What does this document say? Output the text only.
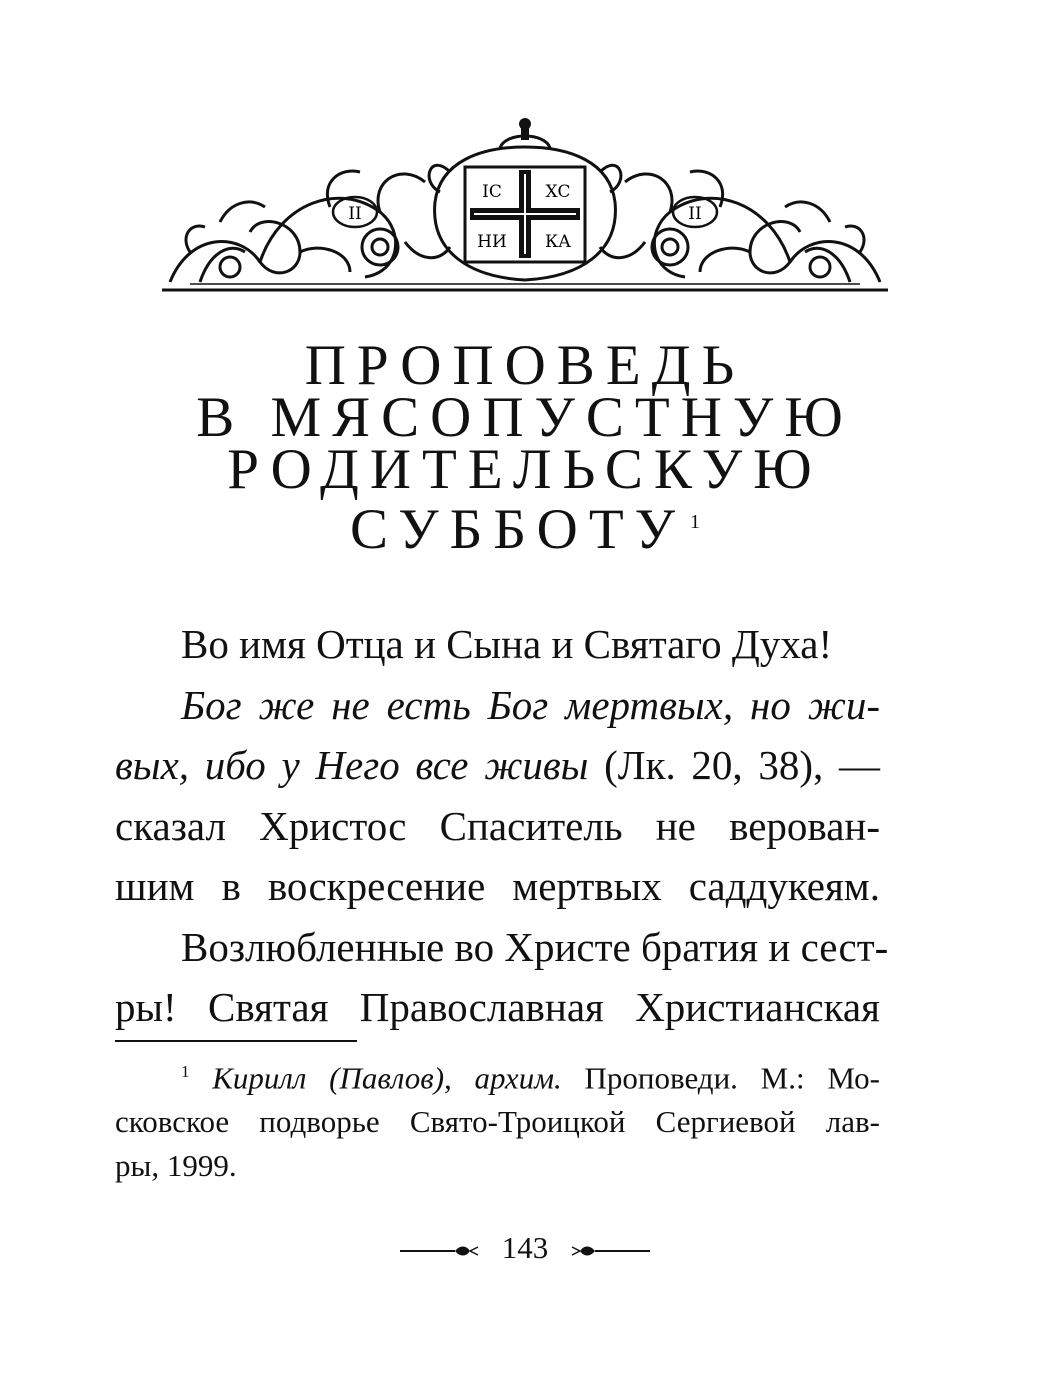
ІІ	ІІ
ІС	ХС
НИ КА
ПРОПОВЕДЬ
В МЯСОПУСТНУЮ
РОДИТЕЛЬСКУЮ
СУББОТУ $^1$
Во имя Отца и Сына и Святаго Духа!
Бог же не есть Бог мертвых, но жи-
вых, ибо у Него все живы (Лк. 20, 38), —
сказал Христос Спаситель не верован-
шим в воскресение мертвых саддукеям.
Возлюбленные во Христе братия и сест-
ры! Святая Православная Христианская
$^1$ Кирилл (Павлов), архим. Проповеди. М.: Мо-
сковское подворье Свято-Троицкой Сергиевой лав-
ры, 1999.
143
